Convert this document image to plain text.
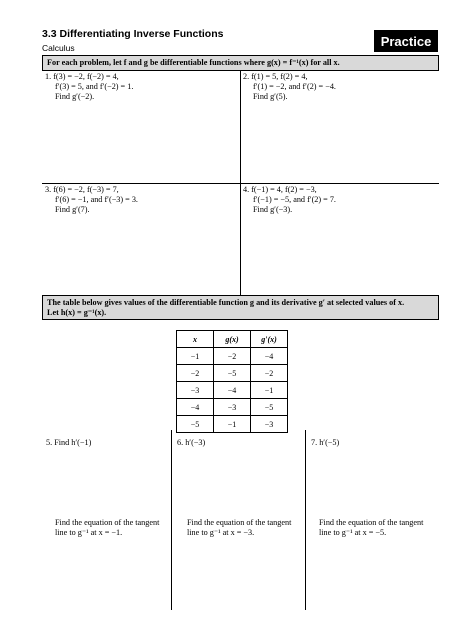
3.3 Differentiating Inverse Functions
Calculus	Practice
For each problem, let f and g be differentiable functions where g(x) = f⁻¹(x) for all x.
1. f(3) = −2, f(−2) = 4,
f′(3) = 5, and f′(−2) = 1.
Find g′(−2).
2. f(1) = 5, f(2) = 4,
f′(1) = −2, and f′(2) = −4.
Find g′(5).
3. f(6) = −2, f(−3) = 7,
f′(6) = −1, and f′(−3) = 3.
Find g′(7).
4. f(−1) = 4, f(2) = −3,
f′(−1) = −5, and f′(2) = 7.
Find g′(−3).
The table below gives values of the differentiable function g and its derivative g′ at selected values of x.
Let h(x) = g⁻¹(x).
x	g(x)	g′(x)
−1	−2	−4
−2	−5	−2
−3	−4	−1
−4	−3	−5
−5	−1	−3
5. Find h′(−1)
Find the equation of the tangent
line to g⁻¹ at x = −1.
6. h′(−3)
Find the equation of the tangent
line to g⁻¹ at x = −3.
7. h′(−5)
Find the equation of the tangent
line to g⁻¹ at x = −5.
